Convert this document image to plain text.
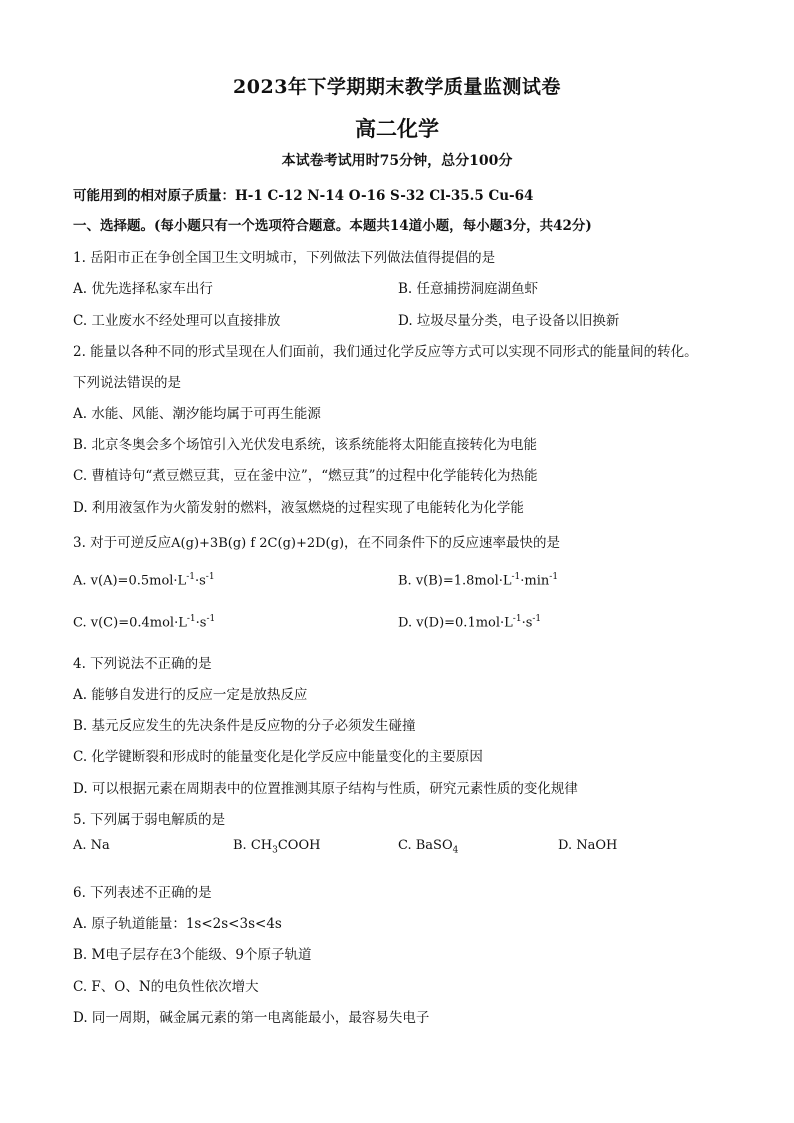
2023年下学期期末教学质量监测试卷
高二化学
本试卷考试用时75分钟，总分100分
可能用到的相对原子质量：H-1 C-12 N-14 O-16 S-32 Cl-35.5 Cu-64
一、选择题。(每小题只有一个选项符合题意。本题共14道小题，每小题3分，共42分)
1. 岳阳市正在争创全国卫生文明城市，下列做法下列做法值得提倡的是
A. 优先选择私家车出行	B. 任意捕捞洞庭湖鱼虾
C. 工业废水不经处理可以直接排放	D. 垃圾尽量分类，电子设备以旧换新
2. 能量以各种不同的形式呈现在人们面前，我们通过化学反应等方式可以实现不同形式的能量间的转化。
下列说法错误的是
A. 水能、风能、潮汐能均属于可再生能源
B. 北京冬奥会多个场馆引入光伏发电系统，该系统能将太阳能直接转化为电能
C. 曹植诗句“煮豆燃豆萁，豆在釜中泣”，“燃豆萁”的过程中化学能转化为热能
D. 利用液氢作为火箭发射的燃料，液氢燃烧的过程实现了电能转化为化学能
3. 对于可逆反应A(g)+3B(g) f 2C(g)+2D(g)，在不同条件下的反应速率最快的是
A. $v(A)=0.5mol\cdot L^{-1}\cdot s^{-1}$	B. $v(B)=1.8mol\cdot L^{-1}\cdot\min^{-1}$
C. $v(C)=0.4mol\cdot L^{-1}\cdot s^{-1}$	D. $v(D)=0.1mol\cdot L^{-1}\cdot s^{-1}$
4. 下列说法不正确的是
A. 能够自发进行的反应一定是放热反应
B. 基元反应发生的先决条件是反应物的分子必须发生碰撞
C. 化学键断裂和形成时的能量变化是化学反应中能量变化的主要原因
D. 可以根据元素在周期表中的位置推测其原子结构与性质，研究元素性质的变化规律
5. 下列属于弱电解质的是
A. Na	B. $CH_3COOH$	C. BaSO$_4$	D. NaOH
6. 下列表述不正确的是
A. 原子轨道能量：1s<2s<3s<4s
B. M电子层存在3个能级、9个原子轨道
C. F、O、N的电负性依次增大
D. 同一周期，碱金属元素的第一电离能最小，最容易失电子
